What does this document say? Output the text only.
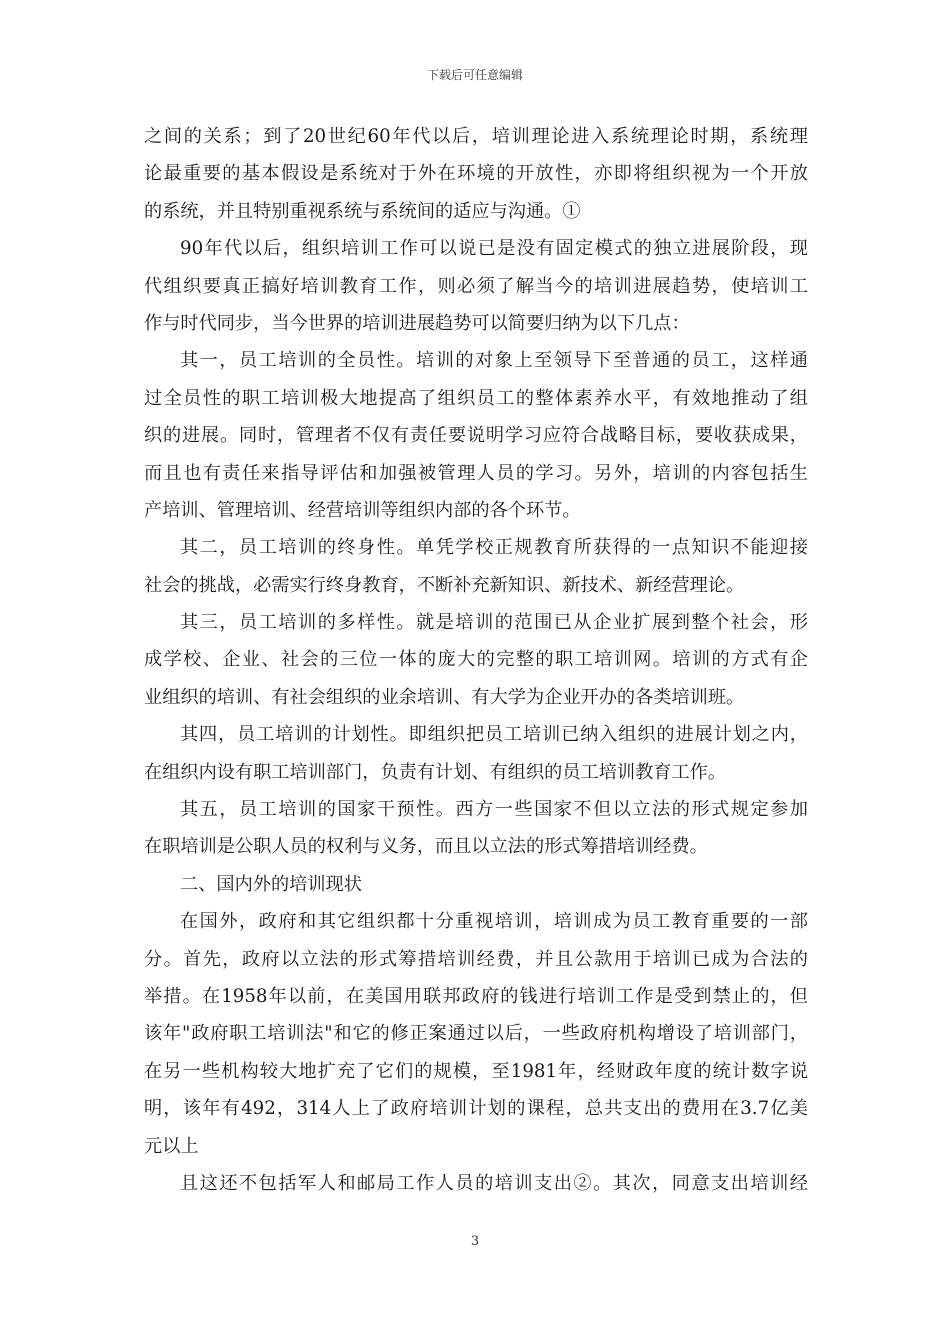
下载后可任意编辑
之间的关系；到了20世纪60年代以后，培训理论进入系统理论时期，系统理
论最重要的基本假设是系统对于外在环境的开放性，亦即将组织视为一个开放
的系统，并且特别重视系统与系统间的适应与沟通。①
90年代以后，组织培训工作可以说已是没有固定模式的独立进展阶段，现
代组织要真正搞好培训教育工作，则必须了解当今的培训进展趋势，使培训工
作与时代同步，当今世界的培训进展趋势可以简要归纳为以下几点：
其一，员工培训的全员性。培训的对象上至领导下至普通的员工，这样通
过全员性的职工培训极大地提高了组织员工的整体素养水平，有效地推动了组
织的进展。同时，管理者不仅有责任要说明学习应符合战略目标，要收获成果，
而且也有责任来指导评估和加强被管理人员的学习。另外，培训的内容包括生
产培训、管理培训、经营培训等组织内部的各个环节。
其二，员工培训的终身性。单凭学校正规教育所获得的一点知识不能迎接
社会的挑战，必需实行终身教育，不断补充新知识、新技术、新经营理论。
其三，员工培训的多样性。就是培训的范围已从企业扩展到整个社会，形
成学校、企业、社会的三位一体的庞大的完整的职工培训网。培训的方式有企
业组织的培训、有社会组织的业余培训、有大学为企业开办的各类培训班。
其四，员工培训的计划性。即组织把员工培训已纳入组织的进展计划之内，
在组织内设有职工培训部门，负责有计划、有组织的员工培训教育工作。
其五，员工培训的国家干预性。西方一些国家不但以立法的形式规定参加
在职培训是公职人员的权利与义务，而且以立法的形式筹措培训经费。
二、国内外的培训现状
在国外，政府和其它组织都十分重视培训，培训成为员工教育重要的一部
分。首先，政府以立法的形式筹措培训经费，并且公款用于培训已成为合法的
举措。在1958年以前，在美国用联邦政府的钱进行培训工作是受到禁止的，但
该年"政府职工培训法"和它的修正案通过以后，一些政府机构增设了培训部门，
在另一些机构较大地扩充了它们的规模，至1981年，经财政年度的统计数字说
明，该年有492，314人上了政府培训计划的课程，总共支出的费用在3.7亿美
元以上
且这还不包括军人和邮局工作人员的培训支出②。其次，同意支出培训经
3
